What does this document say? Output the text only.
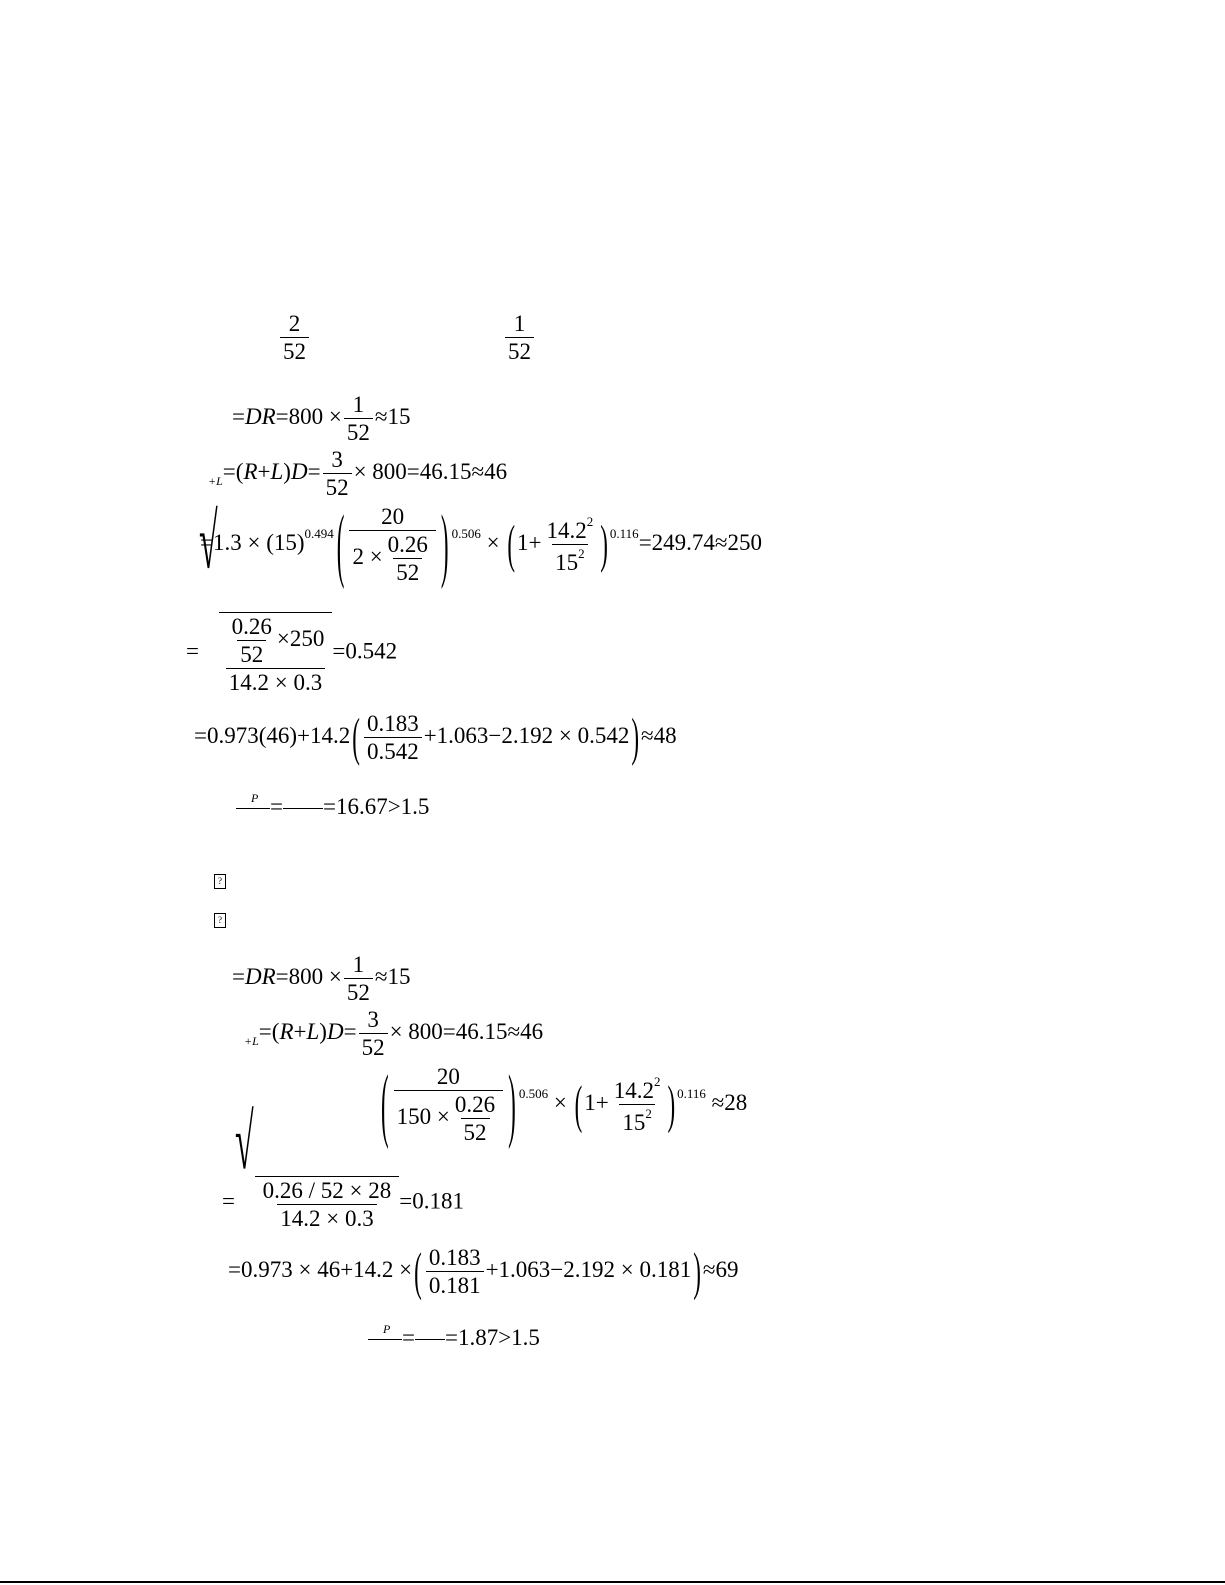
$\frac{2}{52}$	$\frac{1}{52}$
$=DR=800 \times \frac{1}{52} \approx 15$
$_{+L}=(R+L)D= \frac{3}{52} \times 800=46.15\approx 46$
$=1.3 \times (15)^{0.494}$ ( $\frac{20}{2 \times \frac{0.26}{52}}$ ) $^{0.506} \times (1+ \frac{14.2^2}{15^2}$ ) $^{0.116}$=249.74≈250
=
√
$\frac{\frac{0.26}{52} \times 250}{14.2 \times 0.3} =0.542$
$=0.973(46)+14.2( \frac{0.183}{0.542} +1.063-2.192 \times 0.542)\approx 48$
P = =16.67>1.5
?
?
$=DR=800 \times \frac{1}{52} \approx 15$
$_{+L}=(R+L)D= \frac{3}{52} \times 800=46.15\approx 46$
( $\frac{20}{150 \times \frac{0.26}{52}}$ ) $^{0.506} \times (1+ \frac{14.2^2}{15^2}$ ) $^{0.116}$ ≈28
=
√
$\frac{0.26 / 52 \times 28}{14.2 \times 0.3} =0.181$
=0.973 × 46+14.2 ×( $\frac{0.183}{0.181} +1.063-2.192 \times 0.181)\approx 69$
P = =1.87>1.5
